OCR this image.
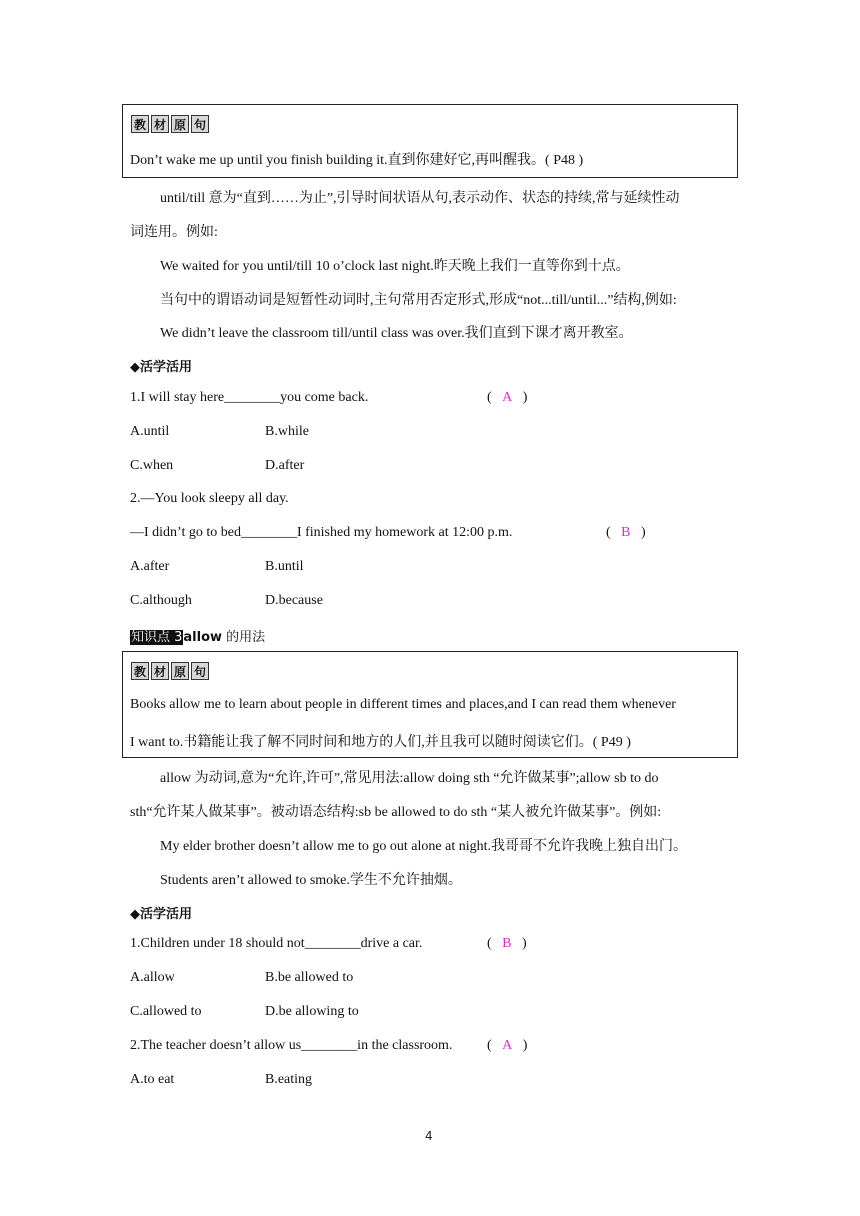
教 材 原 句
Don’t wake me up until you finish building it.直到你建好它,再叫醒我。( P48 )
until/till 意为“直到……为止”,引导时间状语从句,表示动作、状态的持续,常与延续性动
词连用。例如:
We waited for you until/till 10 o’clock last night.昨天晚上我们一直等你到十点。
当句中的谓语动词是短暂性动词时,主句常用否定形式,形成“not...till/until...”结构,例如:
We didn’t leave the classroom till/until class was over.我们直到下课才离开教室。
◆活学活用
1.I will stay here________you come back.	(   A   )
A.until	B.while
C.when	D.after
2.—You look sleepy all day.
—I didn’t go to bed________I finished my homework at 12:00 p.m.	(   B   )
A.after	B.until
C.although	D.because
知识点 3allow 的用法
教 材 原 句
Books allow me to learn about people in different times and places,and I can read them whenever
I want to.书籍能让我了解不同时间和地方的人们,并且我可以随时阅读它们。( P49 )
allow 为动词,意为“允许,许可”,常见用法:allow doing sth “允许做某事”;allow sb to do
sth“允许某人做某事”。被动语态结构:sb be allowed to do sth “某人被允许做某事”。例如:
My elder brother doesn’t allow me to go out alone at night.我哥哥不允许我晚上独自出门。
Students aren’t allowed to smoke.学生不允许抽烟。
◆活学活用
1.Children under 18 should not________drive a car.	(   B   )
A.allow	B.be allowed to
C.allowed to	D.be allowing to
2.The teacher doesn’t allow us________in the classroom. (   A   )
A.to eat	B.eating
4
